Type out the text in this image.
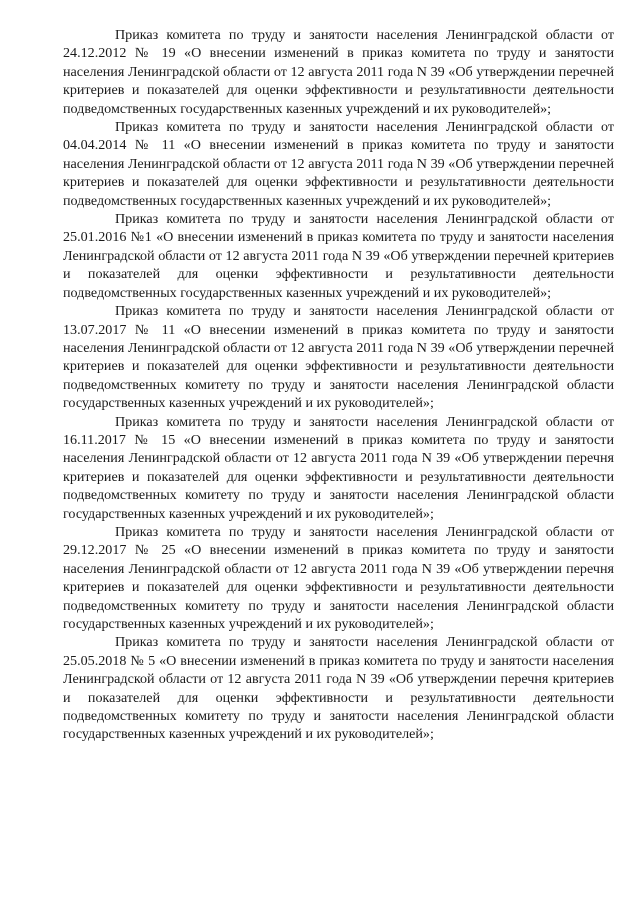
Приказ комитета по труду и занятости населения Ленинградской области от 24.12.2012 № 19 «О внесении изменений в приказ комитета по труду и занятости населения Ленинградской области от 12 августа 2011 года N 39 «Об утверждении перечней критериев и показателей для оценки эффективности и результативности деятельности подведомственных государственных казенных учреждений и их руководителей»;

Приказ комитета по труду и занятости населения Ленинградской области от 04.04.2014 № 11 «О внесении изменений в приказ комитета по труду и занятости населения Ленинградской области от 12 августа 2011 года N 39 «Об утверждении перечней критериев и показателей для оценки эффективности и результативности деятельности подведомственных государственных казенных учреждений и их руководителей»;

Приказ комитета по труду и занятости населения Ленинградской области от 25.01.2016 №1 «О внесении изменений в приказ комитета по труду и занятости населения Ленинградской области от 12 августа 2011 года N 39 «Об утверждении перечней критериев и показателей для оценки эффективности и результативности деятельности подведомственных государственных казенных учреждений и их руководителей»;

Приказ комитета по труду и занятости населения Ленинградской области от 13.07.2017 № 11 «О внесении изменений в приказ комитета по труду и занятости населения Ленинградской области от 12 августа 2011 года N 39 «Об утверждении перечней критериев и показателей для оценки эффективности и результативности деятельности подведомственных комитету по труду и занятости населения Ленинградской области государственных казенных учреждений и их руководителей»;

Приказ комитета по труду и занятости населения Ленинградской области от 16.11.2017 № 15 «О внесении изменений в приказ комитета по труду и занятости населения Ленинградской области от 12 августа 2011 года N 39 «Об утверждении перечня критериев и показателей для оценки эффективности и результативности деятельности подведомственных комитету по труду и занятости населения Ленинградской области государственных казенных учреждений и их руководителей»;

Приказ комитета по труду и занятости населения Ленинградской области от 29.12.2017 № 25 «О внесении изменений в приказ комитета по труду и занятости населения Ленинградской области от 12 августа 2011 года N 39 «Об утверждении перечня критериев и показателей для оценки эффективности и результативности деятельности подведомственных комитету по труду и занятости населения Ленинградской области государственных казенных учреждений и их руководителей»;

Приказ комитета по труду и занятости населения Ленинградской области от 25.05.2018 № 5 «О внесении изменений в приказ комитета по труду и занятости населения Ленинградской области от 12 августа 2011 года N 39 «Об утверждении перечня критериев и показателей для оценки эффективности и результативности деятельности подведомственных комитету по труду и занятости населения Ленинградской области государственных казенных учреждений и их руководителей»;
